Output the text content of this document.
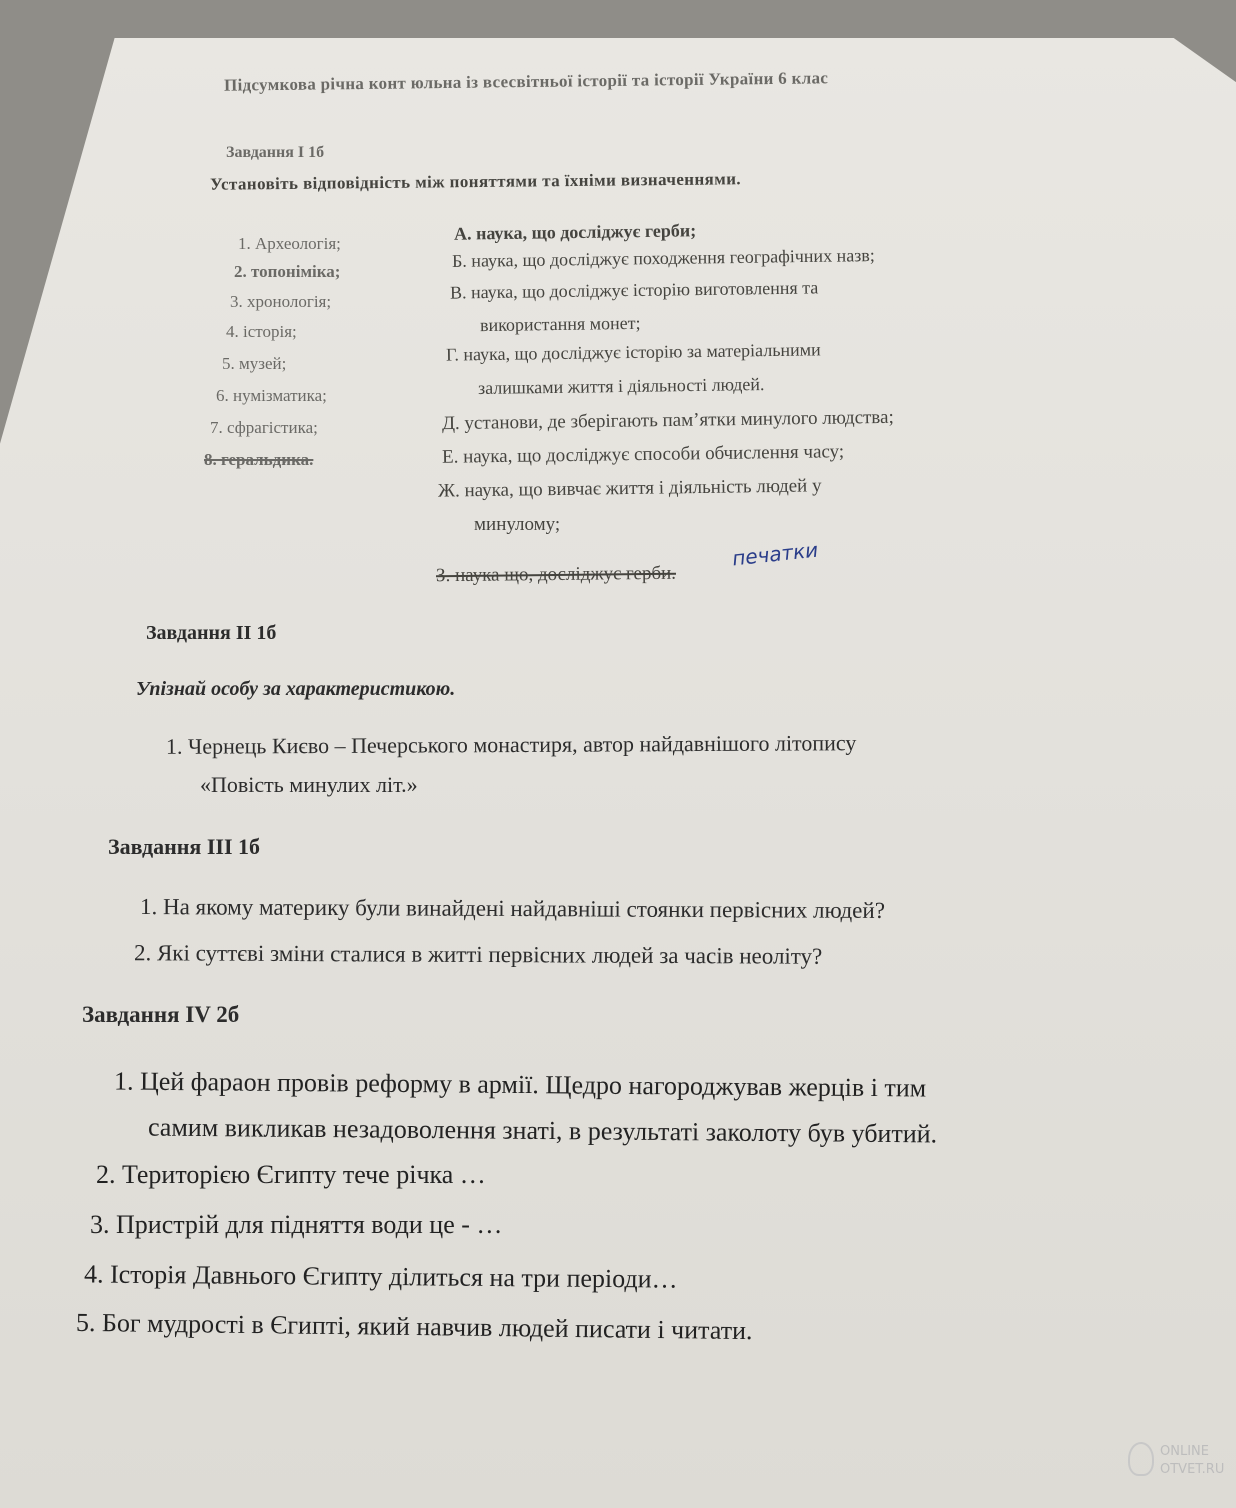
Підсумкова річна конт юльна із всесвітньої історії та історії України 6 клас
Завдання І 1б
Установіть відповідність між поняттями та їхніми визначеннями.
1. Археологія;
2. топоніміка;
3. хронологія;
4. історія;
5. музей;
6. нумізматика;
7. сфрагістика;
8. геральдика.
А. наука, що досліджує герби;
Б. наука, що досліджує походження географічних назв;
В. наука, що досліджує історію виготовлення та
використання монет;
Г. наука, що досліджує історію за матеріальними
залишками життя і діяльності людей.
Д. установи, де зберігають пам’ятки минулого людства;
Е. наука, що досліджує способи обчислення часу;
Ж. наука, що вивчає життя і діяльність людей у
минулому;
З. наука що, досліджує герби.
печатки
Завдання ІІ 1б
Упізнай особу за характеристикою.
1. Чернець Києво – Печерського монастиря, автор найдавнішого літопису
«Повість минулих літ.»
Завдання ІІІ 1б
1. На якому материку були винайдені найдавніші стоянки первісних людей?
2. Які суттєві зміни сталися в житті первісних людей за часів неоліту?
Завдання IV 2б
1. Цей фараон провів реформу в армії. Щедро нагороджував жерців і тим
самим викликав незадоволення знаті, в результаті заколоту був убитий.
2. Територією Єгипту тече річка …
3. Пристрій для підняття води це - …
4. Історія Давнього Єгипту ділиться на три періоди…
5. Бог мудрості в Єгипті, який навчив людей писати і читати.
ONLINE
OTVET.RU
